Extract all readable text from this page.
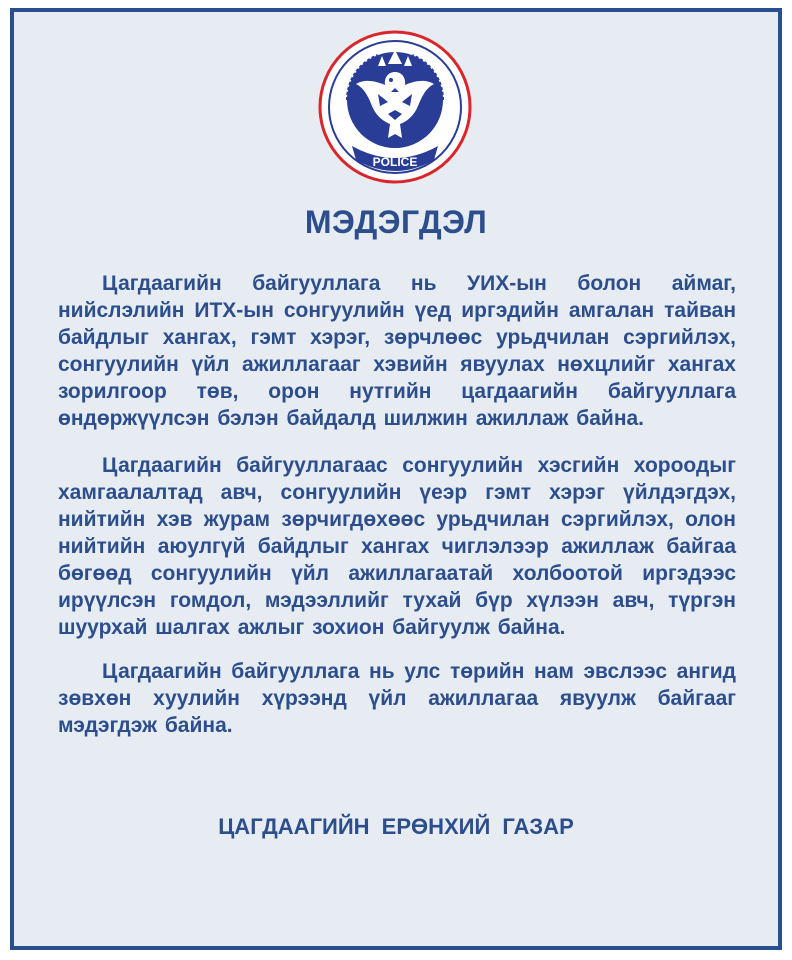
POLICE
МЭДЭГДЭЛ

Цагдаагийн байгууллага нь УИХ-ын болон аймаг, нийслэлийн ИТХ-ын сонгуулийн үед иргэдийн амгалан тайван байдлыг хангах, гэмт хэрэг, зөрчлөөс урьдчилан сэргийлэх, сонгуулийн үйл ажиллагааг хэвийн явуулах нөхцлийг хангах зорилгоор төв, орон нутгийн цагдаагийн байгууллага өндөржүүлсэн бэлэн байдалд шилжин ажиллаж байна.

Цагдаагийн байгууллагаас сонгуулийн хэсгийн хороодыг хамгаалалтад авч, сонгуулийн үеэр гэмт хэрэг үйлдэгдэх, нийтийн хэв журам зөрчигдөхөөс урьдчилан сэргийлэх, олон нийтийн аюулгүй байдлыг хангах чиглэлээр ажиллаж байгаа бөгөөд сонгуулийн үйл ажиллагаатай холбоотой иргэдээс ирүүлсэн гомдол, мэдээллийг тухай бүр хүлээн авч, түргэн шуурхай шалгах ажлыг зохион байгуулж байна.

Цагдаагийн байгууллага нь улс төрийн нам эвслээс ангид зөвхөн хуулийн хүрээнд үйл ажиллагаа явуулж байгааг мэдэгдэж байна.

ЦАГДААГИЙН ЕРӨНХИЙ ГАЗАР
